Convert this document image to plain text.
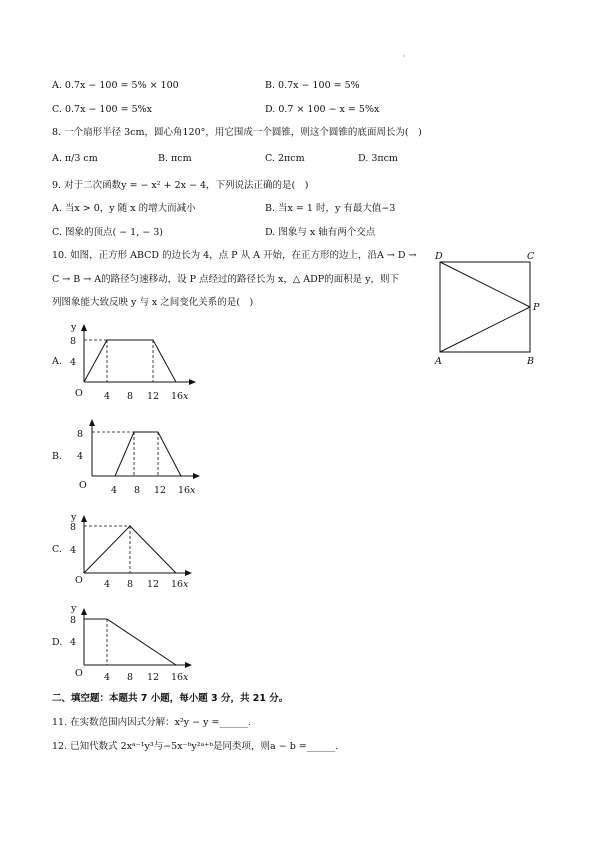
·
A. 0.7x − 100 = 5% × 100	B. 0.7x − 100 = 5%
C. 0.7x − 100 = 5%x	D. 0.7 × 100 − x = 5%x
8. 一个扇形半径 3cm，圆心角120°，用它围成一个圆锥，则这个圆锥的底面周长为(　)
A. π/3 cm	B. πcm	C. 2πcm	D. 3πcm
9. 对于二次函数y = − x² + 2x − 4，下列说法正确的是(　)
A. 当x > 0，y 随 x 的增大而减小	B. 当x = 1 时，y 有最大值−3
C. 图象的顶点( − 1, − 3)	D. 图象与 x 轴有两个交点
10. 如图，正方形 ABCD 的边长为 4，点 P 从 A 开始，在正方形的边上，沿A → D →
C → B → A的路径匀速移动，设 P 点经过的路径长为 x，△ ADP的面积是 y，则下
列图象能大致反映 y 与 x 之间变化关系的是(　)
D	C
P
A	B
A.
y
8
4
O 4 8 12 16 x
B.
8
4
O	4 8 12 16 x
C.
y
8
4
O 4 8 12 16 x
D.
y
8
4
O 4 8 12 16 x
二、填空题：本题共 7 小题，每小题 3 分，共 21 分。
11. 在实数范围内因式分解：x²y − y =______.
12. 已知代数式 2xᵃ⁻¹y³与−5x⁻ᵇy²ᵃ⁺ᵇ是同类项，则a − b =______.
